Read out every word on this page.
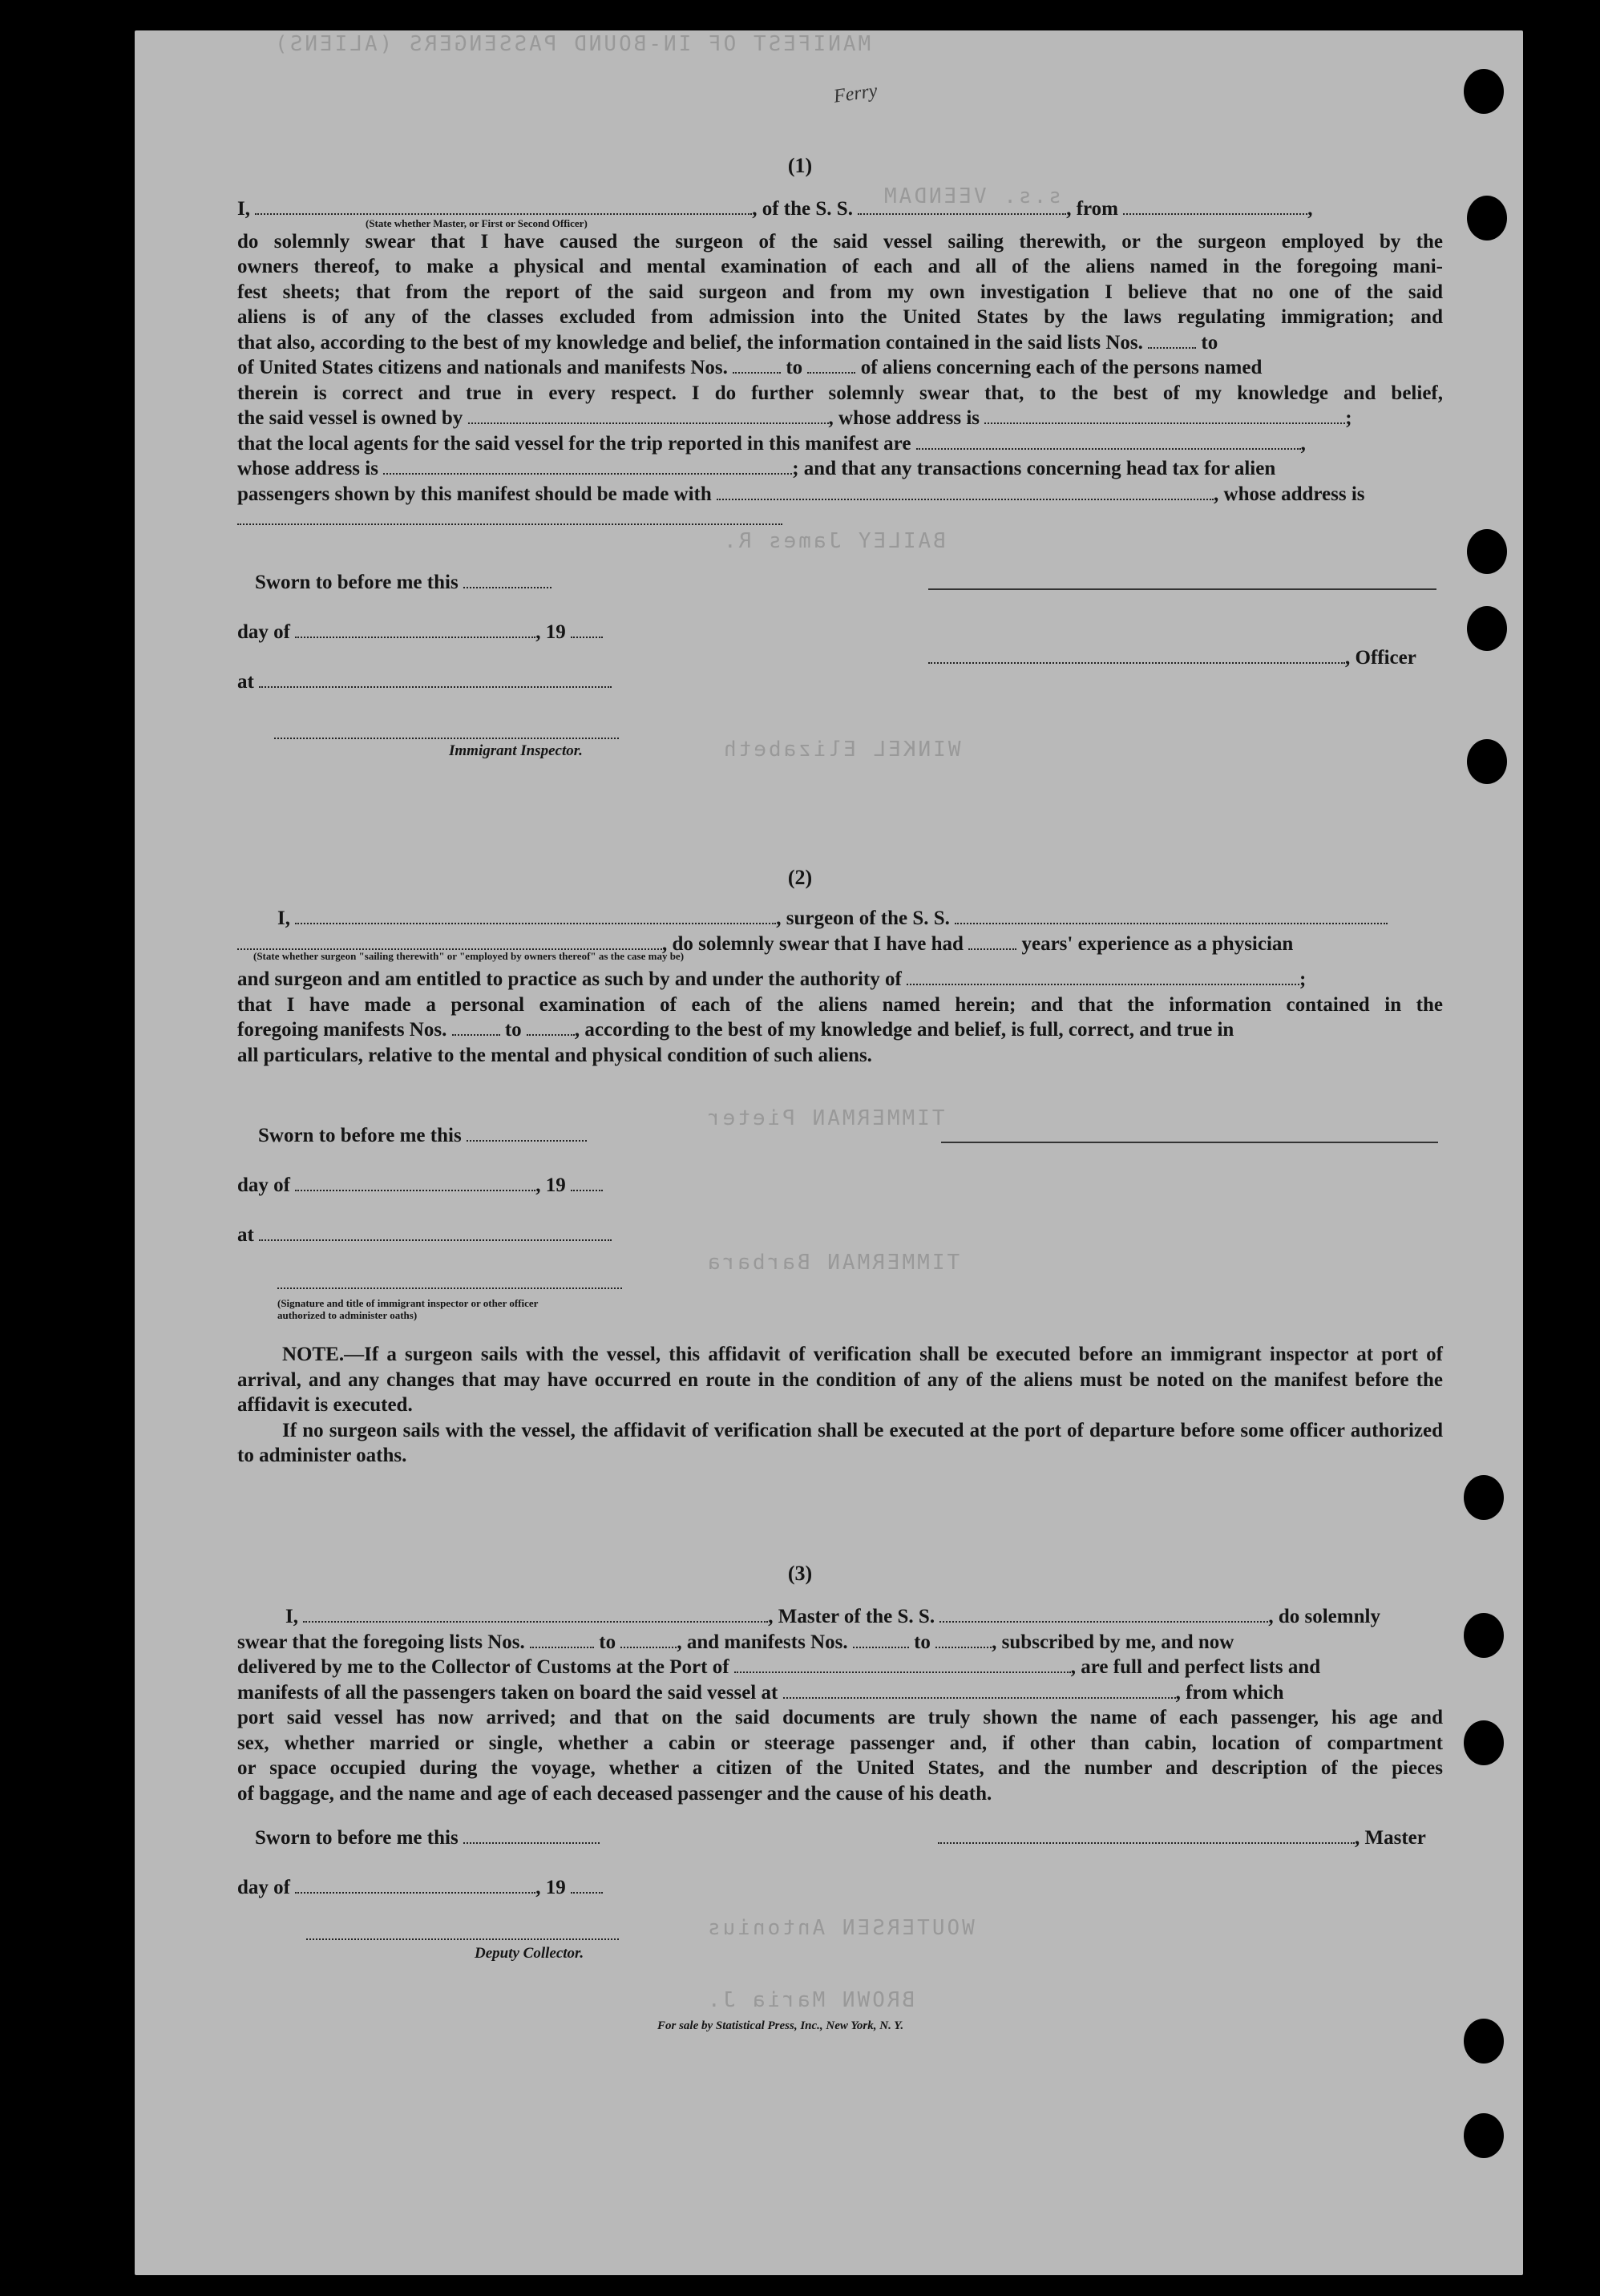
MANIFEST OF IN-BOUND PASSENGERS (ALIENS)
s.s. VEENDAM
BAILEY James R.
WINKEL Elizabeth
TIMMERMAN Pieter
TIMMERMAN Barbara
WOUTERSEN Antonius
BROWN Maria J.
Ferry
(1)
I,	, of the S. S.	, from	,
(State whether Master, or First or Second Officer)
do solemnly swear that I have caused the surgeon of the said vessel sailing therewith, or the surgeon employed by the
owners thereof, to make a physical and mental examination of each and all of the aliens named in the foregoing mani-
fest sheets; that from the report of the said surgeon and from my own investigation I believe that no one of the said
aliens is of any of the classes excluded from admission into the United States by the laws regulating immigration; and
that also, according to the best of my knowledge and belief, the information contained in the said lists Nos.	to
of United States citizens and nationals and manifests Nos.	to	of aliens concerning each of the persons named
therein is correct and true in every respect. I do further solemnly swear that, to the best of my knowledge and belief,
the said vessel is owned by	, whose address is	;
that the local agents for the said vessel for the trip reported in this manifest are	,
whose address is	; and that any transactions concerning head tax for alien
passengers shown by this manifest should be made with	, whose address is
Sworn to before me this
day of	, 19
at
, Officer
Immigrant Inspector.
(2)
I,	, surgeon of the S. S.
, do solemnly swear that I have had	years' experience as a physician
(State whether surgeon "sailing therewith" or "employed by owners thereof" as the case may be)
and surgeon and am entitled to practice as such by and under the authority of	;
that I have made a personal examination of each of the aliens named herein; and that the information contained in the
foregoing manifests Nos.	to	, according to the best of my knowledge and belief, is full, correct, and true in
all particulars, relative to the mental and physical condition of such aliens.
Sworn to before me this
day of	, 19
at
(Signature and title of immigrant inspector or other officer authorized to administer oaths)
NOTE.—If a surgeon sails with the vessel, this affidavit of verification shall be executed before an immigrant inspector at port of arrival, and any changes that may have occurred en route in the condition of any of the aliens must be noted on the manifest before the affidavit is executed.
If no surgeon sails with the vessel, the affidavit of verification shall be executed at the port of departure before some officer authorized to administer oaths.
(3)
I,	, Master of the S. S.	, do solemnly
swear that the foregoing lists Nos.	to	, and manifests Nos.	to	, subscribed by me, and now
delivered by me to the Collector of Customs at the Port of	, are full and perfect lists and
manifests of all the passengers taken on board the said vessel at	, from which
port said vessel has now arrived; and that on the said documents are truly shown the name of each passenger, his age and
sex, whether married or single, whether a cabin or steerage passenger and, if other than cabin, location of compartment
or space occupied during the voyage, whether a citizen of the United States, and the number and description of the pieces
of baggage, and the name and age of each deceased passenger and the cause of his death.
Sworn to before me this	, Master
day of	, 19
Deputy Collector.
For sale by Statistical Press, Inc., New York, N. Y.
